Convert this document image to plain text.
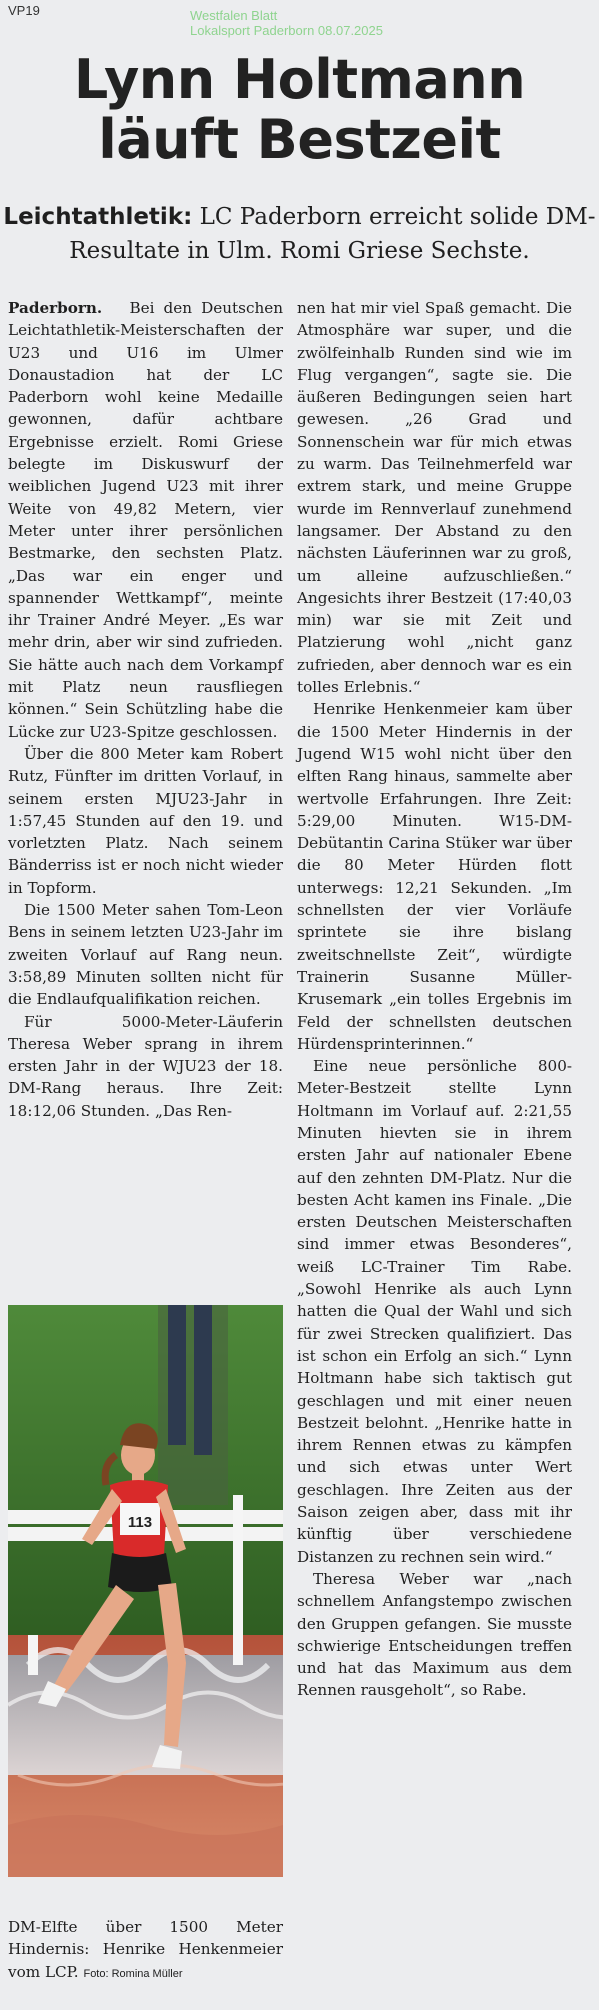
VP19	Westfalen Blatt
Lokalsport Paderborn 08.07.2025
Lynn Holtmann
läuft Bestzeit

Leichtathletik: LC Paderborn erreicht solide DM-Resultate in Ulm. Romi Griese Sechste.

Paderborn. Bei den Deutschen Leichtathletik-Meisterschaften der U23 und U16 im Ulmer Donaustadion hat der LC Paderborn wohl keine Medaille gewonnen, dafür achtbare Ergebnisse erzielt. Romi Griese belegte im Diskuswurf der weiblichen Jugend U23 mit ihrer Weite von 49,82 Metern, vier Meter unter ihrer persönlichen Bestmarke, den sechsten Platz. „Das war ein enger und spannender Wettkampf“, meinte ihr Trainer André Meyer. „Es war mehr drin, aber wir sind zufrieden. Sie hätte auch nach dem Vorkampf mit Platz neun rausfliegen können.“ Sein Schützling habe die Lücke zur U23-Spitze geschlossen.

Über die 800 Meter kam Robert Rutz, Fünfter im dritten Vorlauf, in seinem ersten MJU23-Jahr in 1:57,45 Stunden auf den 19. und vorletzten Platz. Nach seinem Bänderriss ist er noch nicht wieder in Topform.

Die 1500 Meter sahen Tom-Leon Bens in seinem letzten U23-Jahr im zweiten Vorlauf auf Rang neun. 3:58,89 Minuten sollten nicht für die Endlaufqualifikation reichen.

Für 5000-Meter-Läuferin Theresa Weber sprang in ihrem ersten Jahr in der WJU23 der 18. DM-Rang heraus. Ihre Zeit: 18:12,06 Stunden. „Das Ren-

nen hat mir viel Spaß gemacht. Die Atmosphäre war super, und die zwölfeinhalb Runden sind wie im Flug vergangen“, sagte sie. Die äußeren Bedingungen seien hart gewesen. „26 Grad und Sonnenschein war für mich etwas zu warm. Das Teilnehmerfeld war extrem stark, und meine Gruppe wurde im Rennverlauf zunehmend langsamer. Der Abstand zu den nächsten Läuferinnen war zu groß, um alleine aufzuschließen.“ Angesichts ihrer Bestzeit (17:40,03 min) war sie mit Zeit und Platzierung wohl „nicht ganz zufrieden, aber dennoch war es ein tolles Erlebnis.“

Henrike Henkenmeier kam über die 1500 Meter Hindernis in der Jugend W15 wohl nicht über den elften Rang hinaus, sammelte aber wertvolle Erfahrungen. Ihre Zeit: 5:29,00 Minuten. W15-DM-Debütantin Carina Stüker war über die 80 Meter Hürden flott unterwegs: 12,21 Sekunden. „Im schnellsten der vier Vorläufe sprintete sie ihre bislang zweitschnellste Zeit“, würdigte Trainerin Susanne Müller-Krusemark „ein tolles Ergebnis im Feld der schnellsten deutschen Hürdensprinterinnen.“

Eine neue persönliche 800-Meter-Bestzeit stellte Lynn Holtmann im Vorlauf auf. 2:21,55 Minuten hievten sie in ihrem ersten Jahr auf nationaler Ebene auf den zehnten DM-Platz. Nur die besten Acht kamen ins Finale. „Die ersten Deutschen Meisterschaften sind immer etwas Besonderes“, weiß LC-Trainer Tim Rabe. „Sowohl Henrike als auch Lynn hatten die Qual der Wahl und sich für zwei Strecken qualifiziert. Das ist schon ein Erfolg an sich.“ Lynn Holtmann habe sich taktisch gut geschlagen und mit einer neuen Bestzeit belohnt. „Henrike hatte in ihrem Rennen etwas zu kämpfen und sich etwas unter Wert geschlagen. Ihre Zeiten aus der Saison zeigen aber, dass mit ihr künftig über verschiedene Distanzen zu rechnen sein wird.“

Theresa Weber war „nach schnellem Anfangstempo zwischen den Gruppen gefangen. Sie musste schwierige Entscheidungen treffen und hat das Maximum aus dem Rennen rausgeholt“, so Rabe.

113

DM-Elfte über 1500 Meter Hindernis: Henrike Henkenmeier vom LCP. Foto: Romina Müller
